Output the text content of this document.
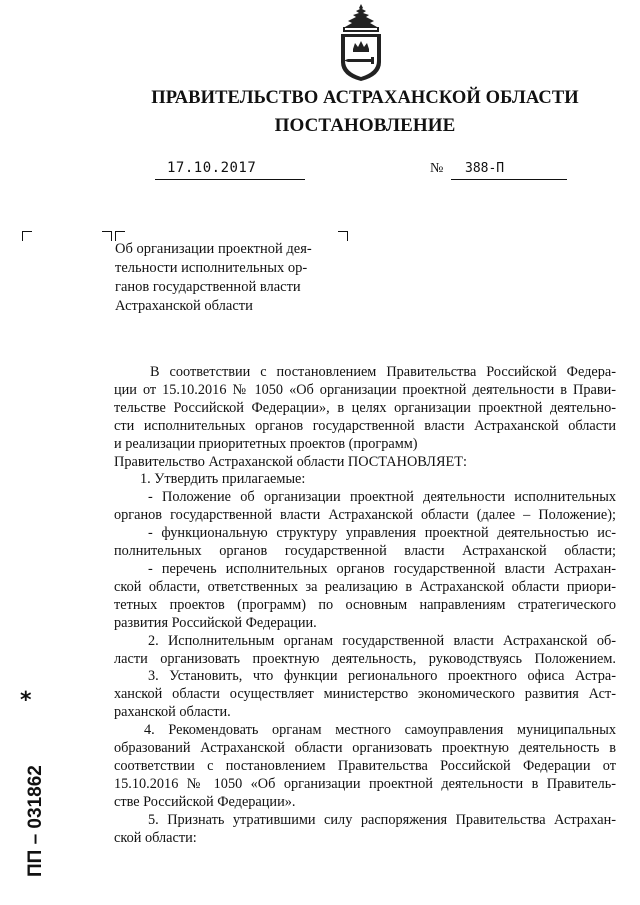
ПРАВИТЕЛЬСТВО АСТРАХАНСКОЙ ОБЛАСТИ
ПОСТАНОВЛЕНИЕ
17.10.2017	№ 388-П
Об организации проектной дея-
тельности исполнительных ор-
ганов государственной власти
Астраханской области
В соответствии с постановлением Правительства Российской Федера-
ции от 15.10.2016 № 1050 «Об организации проектной деятельности в Прави-
тельстве Российской Федерации», в целях организации проектной деятельно-
сти исполнительных органов государственной власти Астраханской области
и реализации приоритетных проектов (программ)
Правительство Астраханской области ПОСТАНОВЛЯЕТ:
1. Утвердить прилагаемые:
- Положение об организации проектной деятельности исполнительных
органов государственной власти Астраханской области (далее – Положение);
- функциональную структуру управления проектной деятельностью ис-
полнительных органов государственной власти Астраханской области;
- перечень исполнительных органов государственной власти Астрахан-
ской области, ответственных за реализацию в Астраханской области приори-
тетных проектов (программ) по основным направлениям стратегического
развития Российской Федерации.
2. Исполнительным органам государственной власти Астраханской об-
ласти организовать проектную деятельность, руководствуясь Положением.
3. Установить, что функции регионального проектного офиса Астра-
ханской области осуществляет министерство экономического развития Аст-
раханской области.
4. Рекомендовать органам местного самоуправления муниципальных
образований Астраханской области организовать проектную деятельность в
соответствии с постановлением Правительства Российской Федерации от
15.10.2016 № 1050 «Об организации проектной деятельности в Правитель-
стве Российской Федерации».
5. Признать утратившими силу распоряжения Правительства Астрахан-
ской области:
ПП – 031862
*
